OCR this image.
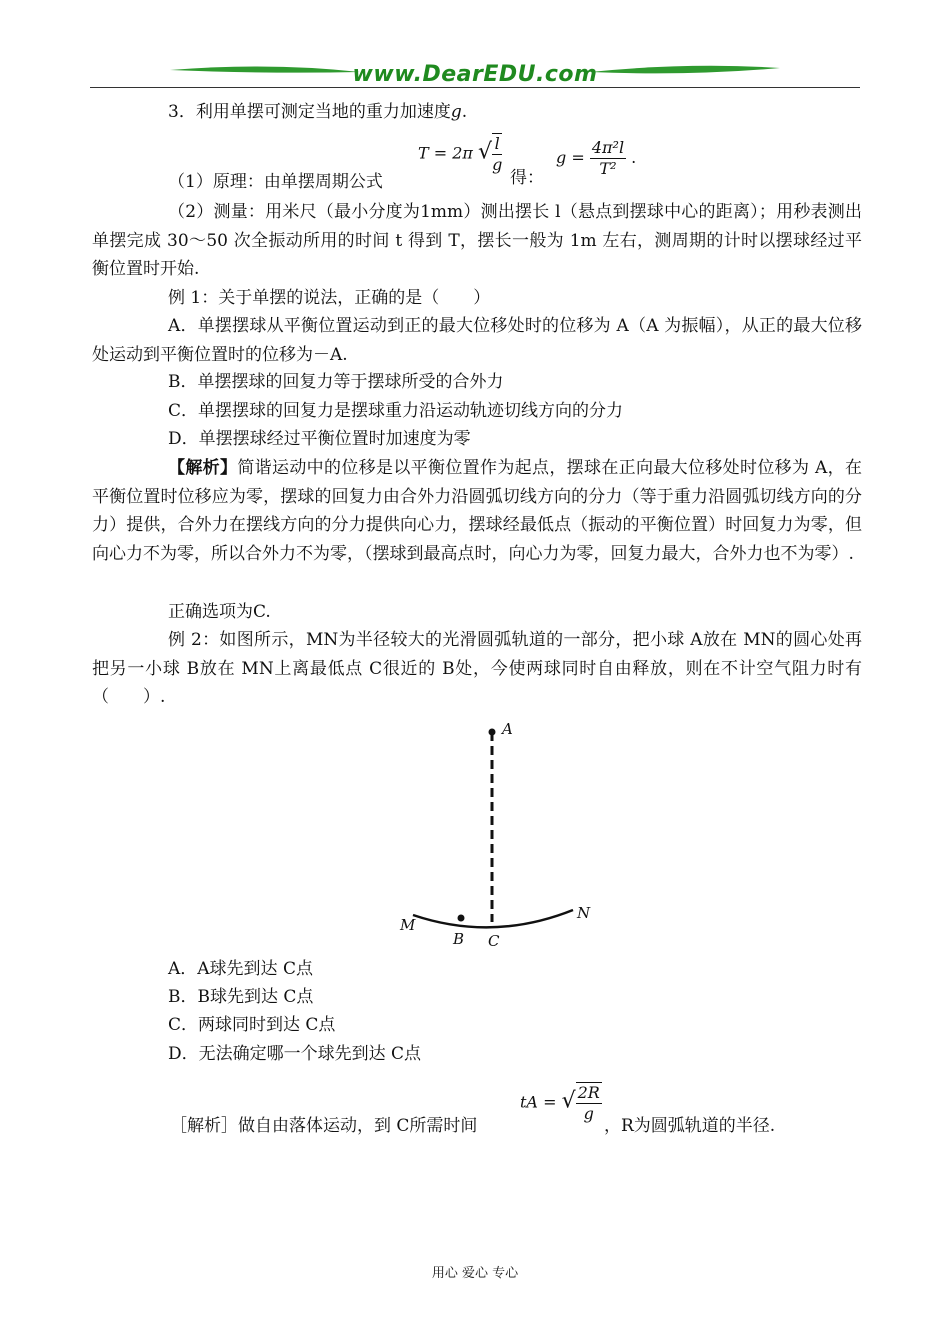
www.DearEDU.com
3．利用单摆可测定当地的重力加速度g.
T = 2π √ $\frac{l}{g}$	$g = \frac{\text{4π²l}}{\text{T²}}$ .
（1）原理：由单摆周期公式	得：

（2）测量：用米尺（最小分度为1mm）测出摆长 l（悬点到摆球中心的距离）；用秒表测出单摆完成 30～50 次全振动所用的时间 t 得到 T，摆长一般为 1m 左右，测周期的计时以摆球经过平衡位置时开始.

例 1：关于单摆的说法，正确的是（　　）

A．单摆摆球从平衡位置运动到正的最大位移处时的位移为 A（A 为振幅），从正的最大位移处运动到平衡位置时的位移为－A.

B．单摆摆球的回复力等于摆球所受的合外力
C．单摆摆球的回复力是摆球重力沿运动轨迹切线方向的分力
D．单摆摆球经过平衡位置时加速度为零

【解析】简谐运动中的位移是以平衡位置作为起点，摆球在正向最大位移处时位移为 A，在平衡位置时位移应为零，摆球的回复力由合外力沿圆弧切线方向的分力（等于重力沿圆弧切线方向的分力）提供，合外力在摆线方向的分力提供向心力，摆球经最低点（振动的平衡位置）时回复力为零，但向心力不为零，所以合外力不为零，（摆球到最高点时，向心力为零，回复力最大，合外力也不为零）.

正确选项为C.

例 2：如图所示，MN为半径较大的光滑圆弧轨道的一部分，把小球 A放在 MN的圆心处再把另一小球 B放在 MN上离最低点 C很近的 B处，今使两球同时自由释放，则在不计空气阻力时有（　　）.

A
M
N
B C
A．A球先到达 C点
B．B球先到达 C点
C．两球同时到达 C点
D．无法确定哪一个球先到达 C点
［解析］做自由落体运动，到 C所需时间
tA = √ $\frac{2R}{g}$
，R为圆弧轨道的半径.
用心 爱心 专心
